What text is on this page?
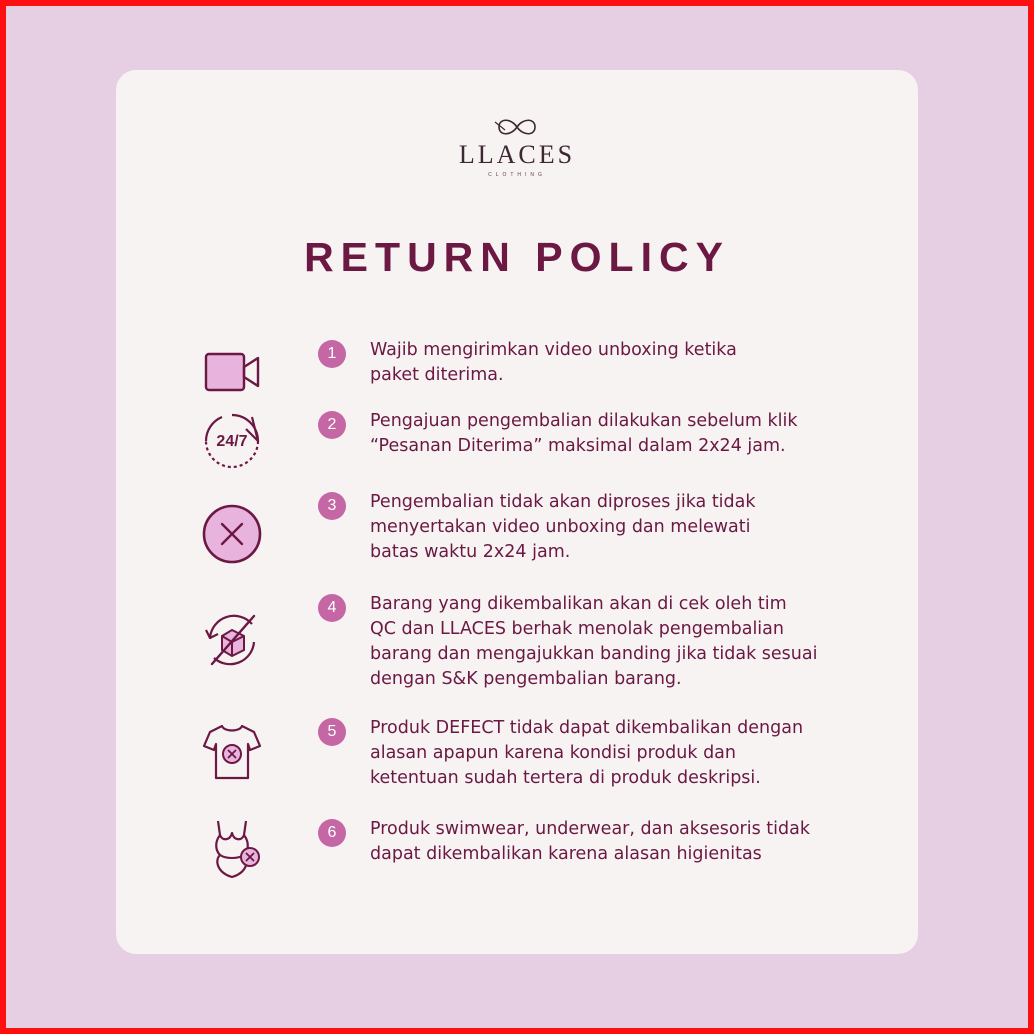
LLACES
CLOTHING
RETURN POLICY
1	Wajib mengirimkan video unboxing ketika
paket diterima.
24/7
2	Pengajuan pengembalian dilakukan sebelum klik
“Pesanan Diterima” maksimal dalam 2x24 jam.
3	Pengembalian tidak akan diproses jika tidak
menyertakan video unboxing dan melewati
batas waktu 2x24 jam.
4	Barang yang dikembalikan akan di cek oleh tim
QC dan LLACES berhak menolak pengembalian
barang dan mengajukkan banding jika tidak sesuai
dengan S&K pengembalian barang.
5	Produk DEFECT tidak dapat dikembalikan dengan
alasan apapun karena kondisi produk dan
ketentuan sudah tertera di produk deskripsi.
6	Produk swimwear, underwear, dan aksesoris tidak
dapat dikembalikan karena alasan higienitas
